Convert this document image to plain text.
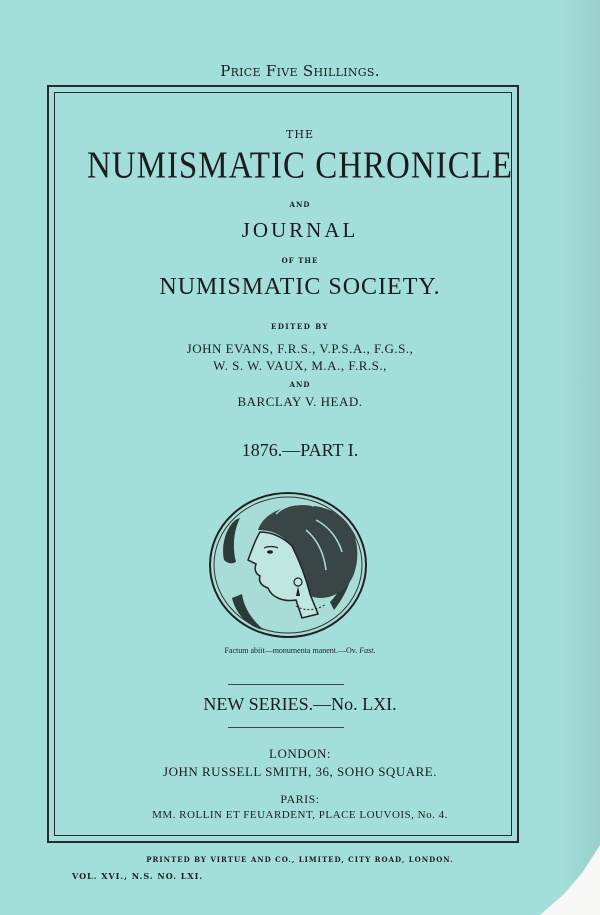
Price Five Shillings.
THE
NUMISMATIC CHRONICLE
AND
JOURNAL
OF THE
NUMISMATIC SOCIETY.
EDITED BY
JOHN EVANS, F.R.S., V.P.S.A., F.G.S.,
W. S. W. VAUX, M.A., F.R.S.,
AND
BARCLAY V. HEAD.
1876.—PART I.
Factum abiit—monumenta manent.—Ov. Fast.
NEW SERIES.—No. LXI.
LONDON:
JOHN RUSSELL SMITH, 36, SOHO SQUARE.
PARIS:
MM. ROLLIN ET FEUARDENT, PLACE LOUVOIS, No. 4.
PRINTED BY VIRTUE AND CO., LIMITED, CITY ROAD, LONDON.
VOL. XVI., N.S. NO. LXI.
